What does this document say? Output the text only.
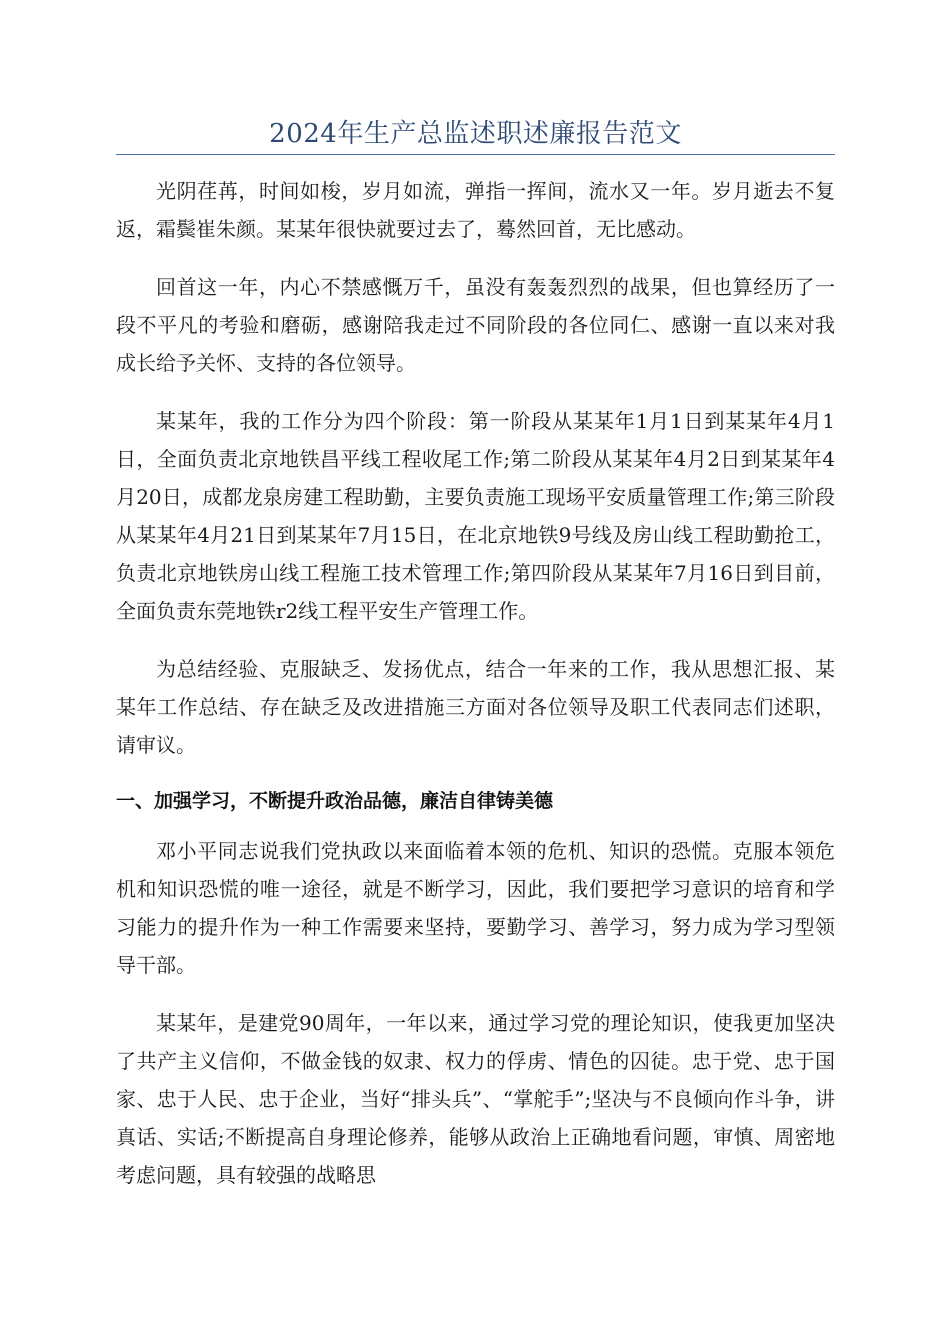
2024年生产总监述职述廉报告范文

光阴荏苒，时间如梭，岁月如流，弹指一挥间，流水又一年。岁月逝去不复返，霜鬓崔朱颜。某某年很快就要过去了，蓦然回首，无比感动。

回首这一年，内心不禁感慨万千，虽没有轰轰烈烈的战果，但也算经历了一段不平凡的考验和磨砺，感谢陪我走过不同阶段的各位同仁、感谢一直以来对我成长给予关怀、支持的各位领导。

某某年，我的工作分为四个阶段：第一阶段从某某年1月1日到某某年4月1日，全面负责北京地铁昌平线工程收尾工作;第二阶段从某某年4月2日到某某年4月20日，成都龙泉房建工程助勤，主要负责施工现场平安质量管理工作;第三阶段从某某年4月21日到某某年7月15日，在北京地铁9号线及房山线工程助勤抢工，负责北京地铁房山线工程施工技术管理工作;第四阶段从某某年7月16日到目前，全面负责东莞地铁r2线工程平安生产管理工作。

为总结经验、克服缺乏、发扬优点，结合一年来的工作，我从思想汇报、某某年工作总结、存在缺乏及改进措施三方面对各位领导及职工代表同志们述职，请审议。

一、加强学习，不断提升政治品德，廉洁自律铸美德

邓小平同志说我们党执政以来面临着本领的危机、知识的恐慌。克服本领危机和知识恐慌的唯一途径，就是不断学习，因此，我们要把学习意识的培育和学习能力的提升作为一种工作需要来坚持，要勤学习、善学习，努力成为学习型领导干部。

某某年，是建党90周年，一年以来，通过学习党的理论知识，使我更加坚决了共产主义信仰，不做金钱的奴隶、权力的俘虏、情色的囚徒。忠于党、忠于国家、忠于人民、忠于企业，当好“排头兵”、“掌舵手”;坚决与不良倾向作斗争，讲真话、实话;不断提高自身理论修养，能够从政治上正确地看问题，审慎、周密地考虑问题，具有较强的战略思
